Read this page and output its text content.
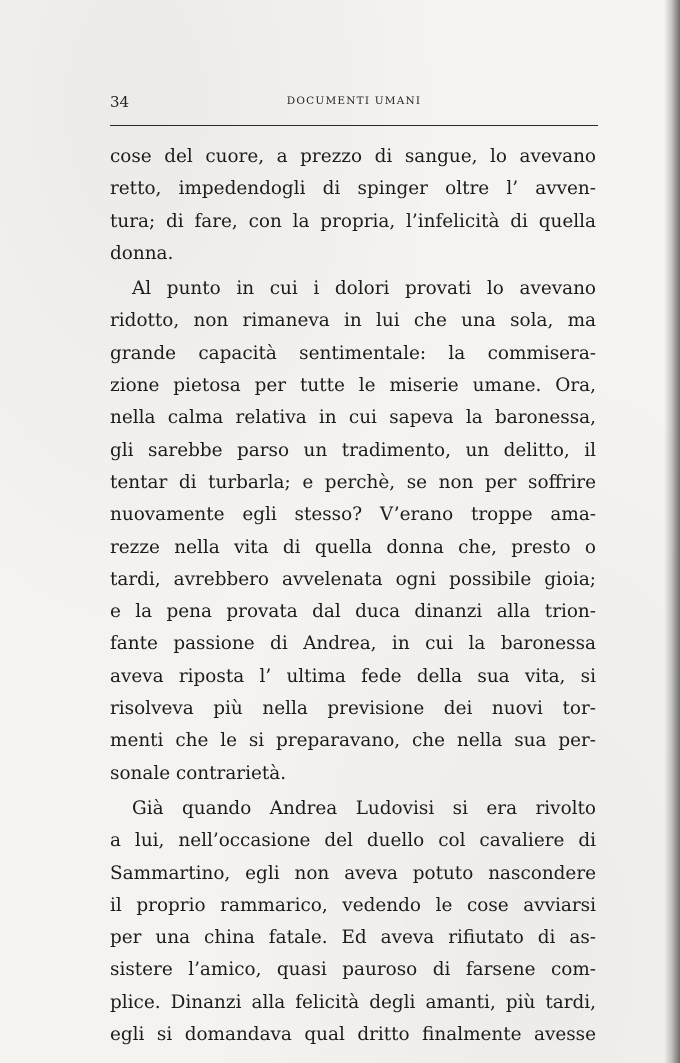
34	DOCUMENTI UMANI
cose del cuore, a prezzo di sangue, lo avevano
retto, impedendogli di spinger oltre l’ avven-
tura; di fare, con la propria, l’infelicità di quella
donna.
Al punto in cui i dolori provati lo avevano
ridotto, non rimaneva in lui che una sola, ma
grande capacità sentimentale: la commisera-
zione pietosa per tutte le miserie umane. Ora,
nella calma relativa in cui sapeva la baronessa,
gli sarebbe parso un tradimento, un delitto, il
tentar di turbarla; e perchè, se non per soffrire
nuovamente egli stesso? V’erano troppe ama-
rezze nella vita di quella donna che, presto o
tardi, avrebbero avvelenata ogni possibile gioia;
e la pena provata dal duca dinanzi alla trion-
fante passione di Andrea, in cui la baronessa
aveva riposta l’ ultima fede della sua vita, si
risolveva più nella previsione dei nuovi tor-
menti che le si preparavano, che nella sua per-
sonale contrarietà.
Già quando Andrea Ludovisi si era rivolto
a lui, nell’occasione del duello col cavaliere di
Sammartino, egli non aveva potuto nascondere
il proprio rammarico, vedendo le cose avviarsi
per una china fatale. Ed aveva rifiutato di as-
sistere l’amico, quasi pauroso di farsene com-
plice. Dinanzi alla felicità degli amanti, più tardi,
egli si domandava qual dritto finalmente avesse
